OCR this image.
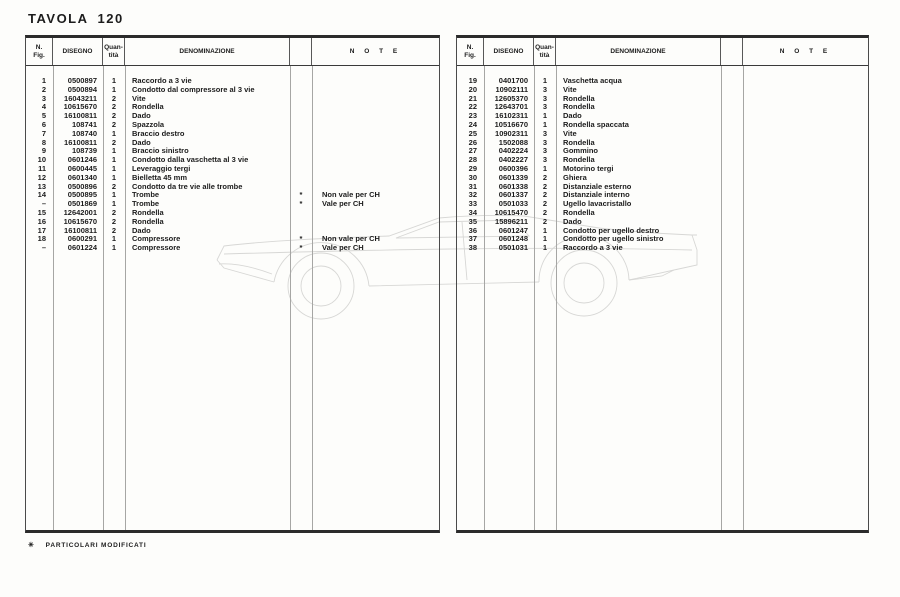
TAVOLA 120
N.
Fig.
DISEGNO
Quan-
tità
DENOMINAZIONE	N O T E
1	0500897	1	Raccordo a 3 vie
2	0500894	1	Condotto dal compressore al 3 vie
3	16043211	2	Vite
4	10615670	2	Rondella
5	16100811	2	Dado
6	108741	2	Spazzola
7	108740	1	Braccio destro
8	16100811	2	Dado
9	108739	1	Braccio sinistro
10	0601246	1	Condotto dalla vaschetta al 3 vie
11	0600445	1	Leveraggio tergi
12	0601340	1	Bielletta 45 mm
13	0500896	2	Condotto da tre vie alle trombe
14	0500895	1	Trombe	*	Non vale per CH
–	0501869	1	Trombe	*	Vale per CH
15	12642001	2	Rondella
16	10615670	2	Rondella
17	16100811	2	Dado
18	0600291	1	Compressore	*	Non vale per CH
–	0601224	1	Compressore	*	Vale per CH
N.
Fig.
DISEGNO
Quan-
tità
DENOMINAZIONE	N O T E
19	0401700	1	Vaschetta acqua
20	10902111	3	Vite
21	12605370	3	Rondella
22	12643701	3	Rondella
23	16102311	1	Dado
24	10516670	1	Rondella spaccata
25	10902311	3	Vite
26	1502088	3	Rondella
27	0402224	3	Gommino
28	0402227	3	Rondella
29	0600396	1	Motorino tergi
30	0601339	2	Ghiera
31	0601338	2	Distanziale esterno
32	0601337	2	Distanziale interno
33	0501033	2	Ugello lavacristallo
34	10615470	2	Rondella
35	15896211	2	Dado
36	0601247	1	Condotto per ugello destro
37	0601248	1	Condotto per ugello sinistro
38	0501031	1	Raccordo a 3 vie
✳ PARTICOLARI MODIFICATI
